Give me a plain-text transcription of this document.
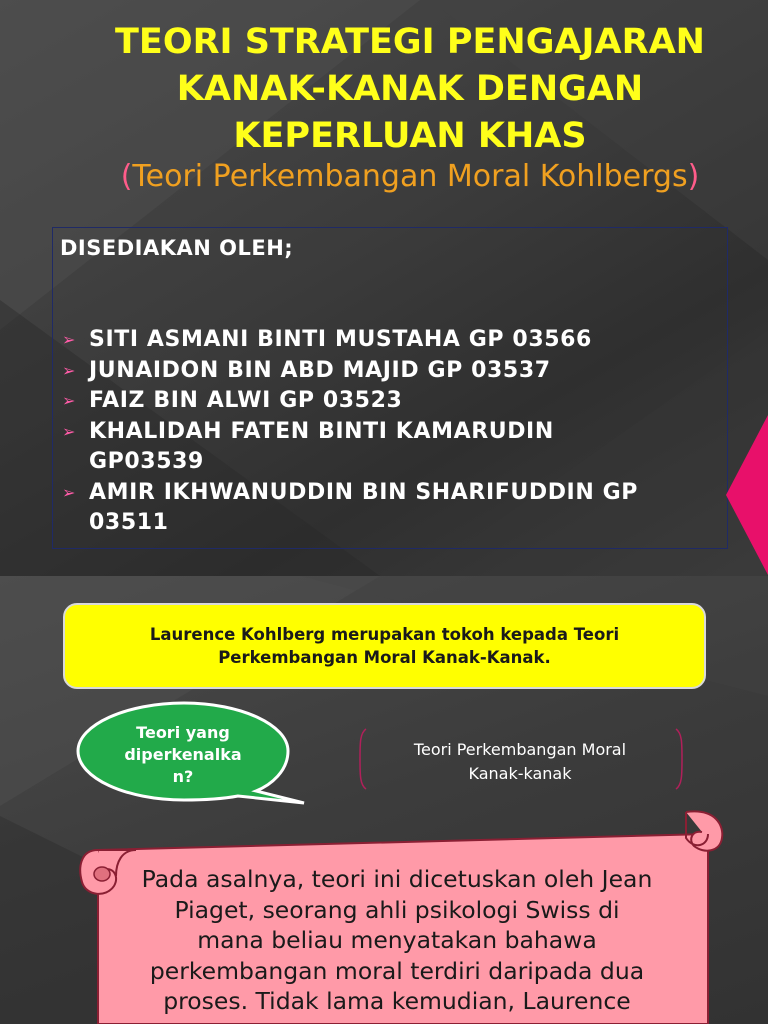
TEORI STRATEGI PENGAJARAN
KANAK-KANAK DENGAN
KEPERLUAN KHAS
(Teori Perkembangan Moral Kohlbergs)
DISEDIAKAN OLEH;
➢ SITI ASMANI BINTI MUSTAHA GP 03566
➢ JUNAIDON BIN ABD MAJID GP 03537
➢ FAIZ BIN ALWI GP 03523
➢ KHALIDAH FATEN BINTI KAMARUDIN
GP03539
➢ AMIR IKHWANUDDIN BIN SHARIFUDDIN GP
03511
Laurence Kohlberg merupakan tokoh kepada Teori Perkembangan Moral Kanak-Kanak.
Teori yang
diperkenalka
n?
Teori Perkembangan Moral
Kanak-kanak
Pada asalnya, teori ini dicetuskan oleh Jean
Piaget, seorang ahli psikologi Swiss di
mana beliau menyatakan bahawa
perkembangan moral terdiri daripada dua
proses. Tidak lama kemudian, Laurence
